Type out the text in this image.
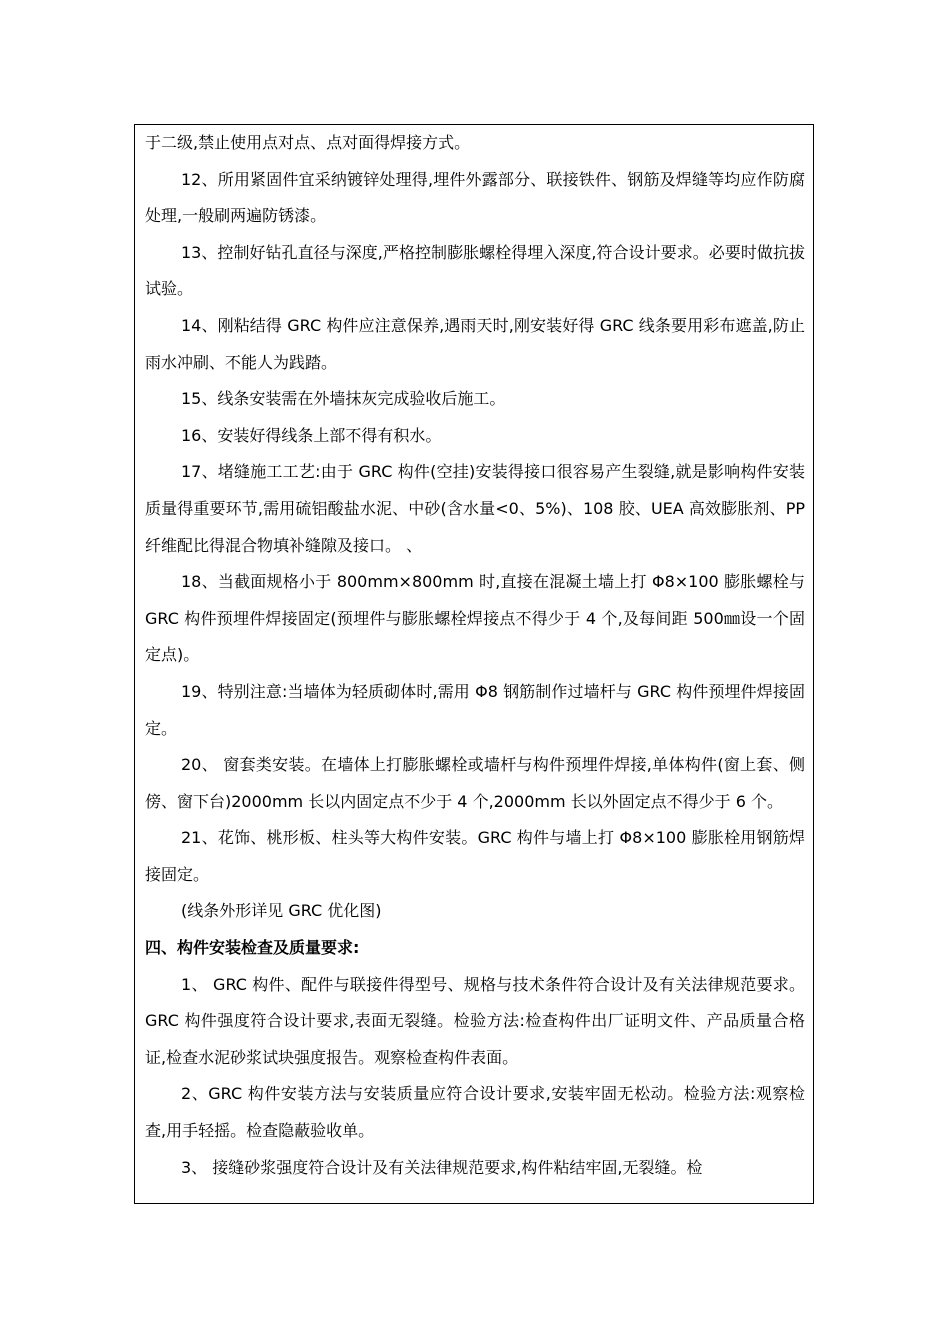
于二级,禁止使用点对点、点对面得焊接方式。

12、所用紧固件宜采纳镀锌处理得,埋件外露部分、联接铁件、钢筋及焊缝等均应作防腐处理,一般刷两遍防锈漆。

13、控制好钻孔直径与深度,严格控制膨胀螺栓得埋入深度,符合设计要求。必要时做抗拔试验。

14、刚粘结得 GRC 构件应注意保养,遇雨天时,刚安装好得 GRC 线条要用彩布遮盖,防止雨水冲刷、不能人为践踏。

15、线条安装需在外墙抹灰完成验收后施工。

16、安装好得线条上部不得有积水。

17、堵缝施工工艺:由于 GRC 构件(空挂)安装得接口很容易产生裂缝,就是影响构件安装质量得重要环节,需用硫铝酸盐水泥、中砂(含水量<0、5%)、108 胶、UEA 高效膨胀剂、PP 纤维配比得混合物填补缝隙及接口。 、

18、当截面规格小于 800mm×800mm 时,直接在混凝土墙上打 Φ8×100 膨胀螺栓与 GRC 构件预埋件焊接固定(预埋件与膨胀螺栓焊接点不得少于 4 个,及每间距 500㎜设一个固定点)。

19、特别注意:当墙体为轻质砌体时,需用 Φ8 钢筋制作过墙杆与 GRC 构件预埋件焊接固定。

20、 窗套类安装。在墙体上打膨胀螺栓或墙杆与构件预埋件焊接,单体构件(窗上套、侧傍、窗下台)2000mm 长以内固定点不少于 4 个,2000mm 长以外固定点不得少于 6 个。

21、花饰、桃形板、柱头等大构件安装。GRC 构件与墙上打 Φ8×100 膨胀栓用钢筋焊接固定。

(线条外形详见 GRC 优化图)

四、构件安装检查及质量要求:

1、 GRC 构件、配件与联接件得型号、规格与技术条件符合设计及有关法律规范要求。GRC 构件强度符合设计要求,表面无裂缝。检验方法:检查构件出厂证明文件、产品质量合格证,检查水泥砂浆试块强度报告。观察检查构件表面。

2、GRC 构件安装方法与安装质量应符合设计要求,安装牢固无松动。检验方法:观察检查,用手轻摇。检查隐蔽验收单。

3、 接缝砂浆强度符合设计及有关法律规范要求,构件粘结牢固,无裂缝。检
